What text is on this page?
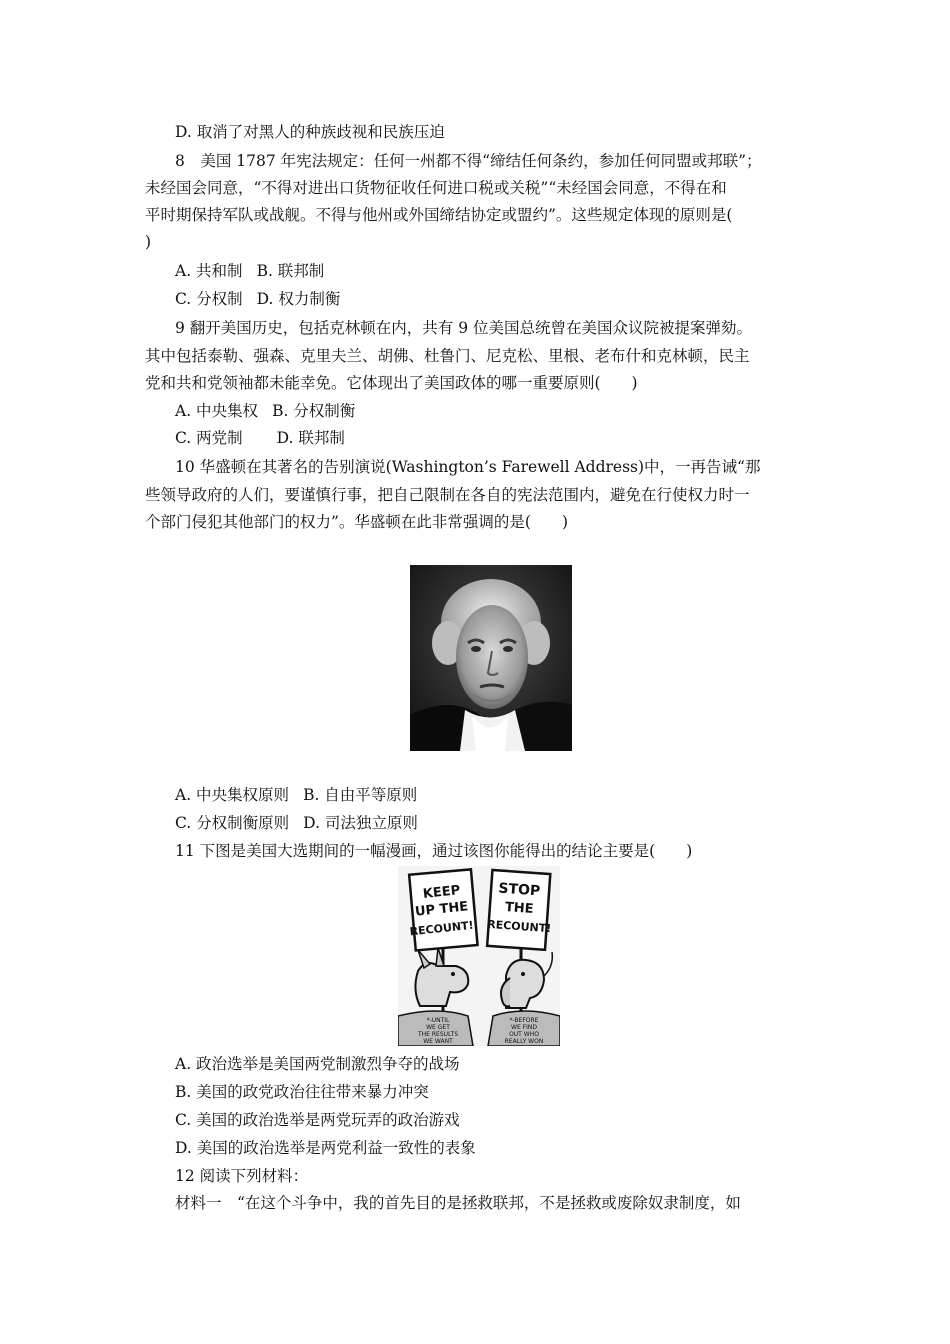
D. 取消了对黑人的种族歧视和民族压迫
8　美国 1787 年宪法规定：任何一州都不得“缔结任何条约，参加任何同盟或邦联”；
未经国会同意，“不得对进出口货物征收任何进口税或关税”“未经国会同意，不得在和
平时期保持军队或战舰。不得与他州或外国缔结协定或盟约”。这些规定体现的原则是(
)
A. 共和制 B. 联邦制
C. 分权制 D. 权力制衡
9 翻开美国历史，包括克林顿在内，共有 9 位美国总统曾在美国众议院被提案弹劾。
其中包括泰勒、强森、克里夫兰、胡佛、杜鲁门、尼克松、里根、老布什和克林顿，民主
党和共和党领袖都未能幸免。它体现出了美国政体的哪一重要原则(　　)
A. 中央集权 B. 分权制衡
C. 两党制 D. 联邦制
10 华盛顿在其著名的告别演说(Washington’s Farewell Address)中，一再告诫“那
些领导政府的人们，要谨慎行事，把自己限制在各自的宪法范围内，避免在行使权力时一
个部门侵犯其他部门的权力”。华盛顿在此非常强调的是(　　)
A. 中央集权原则 B. 自由平等原则
C. 分权制衡原则 D. 司法独立原则
11 下图是美国大选期间的一幅漫画，通过该图你能得出的结论主要是(　　)
KEEP
UP THE
RECOUNT!
STOP
THE
RECOUNT!
*-UNTIL
WE GET
THE RESULTS
WE WANT
*-BEFORE
WE FIND
OUT WHO
REALLY WON
A. 政治选举是美国两党制激烈争夺的战场
B. 美国的政党政治往往带来暴力冲突
C. 美国的政治选举是两党玩弄的政治游戏
D. 美国的政治选举是两党利益一致性的表象
12 阅读下列材料：
材料一　“在这个斗争中，我的首先目的是拯救联邦，不是拯救或废除奴隶制度，如
